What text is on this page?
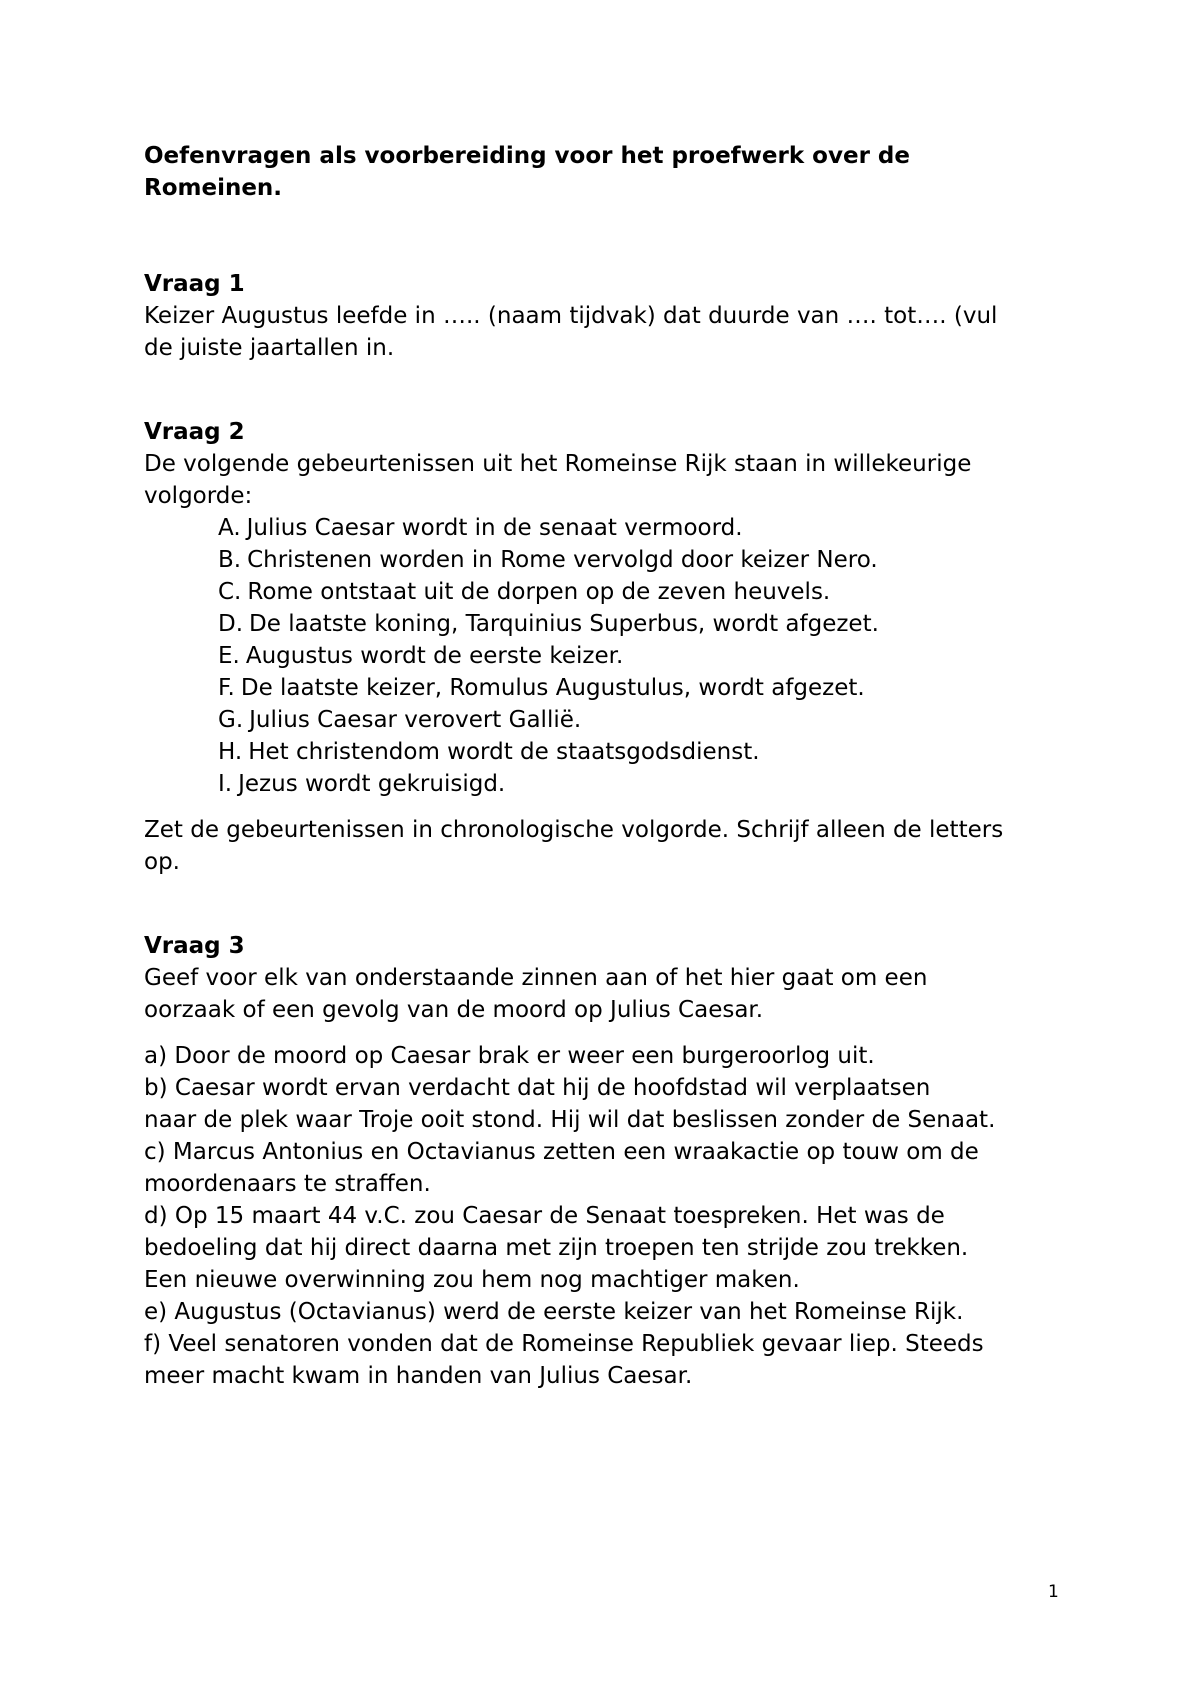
Oefenvragen als voorbereiding voor het proefwerk over de
Romeinen.
Vraag 1
Keizer Augustus leefde in ….. (naam tijdvak) dat duurde van …. tot…. (vul
de juiste jaartallen in.
Vraag 2
De volgende gebeurtenissen uit het Romeinse Rijk staan in willekeurige
volgorde:
A. Julius Caesar wordt in de senaat vermoord.
B. Christenen worden in Rome vervolgd door keizer Nero.
C. Rome ontstaat uit de dorpen op de zeven heuvels.
D. De laatste koning, Tarquinius Superbus, wordt afgezet.
E. Augustus wordt de eerste keizer.
F. De laatste keizer, Romulus Augustulus, wordt afgezet.
G. Julius Caesar verovert Gallië.
H. Het christendom wordt de staatsgodsdienst.
I. Jezus wordt gekruisigd.
Zet de gebeurtenissen in chronologische volgorde. Schrijf alleen de letters
op.
Vraag 3
Geef voor elk van onderstaande zinnen aan of het hier gaat om een
oorzaak of een gevolg van de moord op Julius Caesar.
a) Door de moord op Caesar brak er weer een burgeroorlog uit.
b) Caesar wordt ervan verdacht dat hij de hoofdstad wil verplaatsen
naar de plek waar Troje ooit stond. Hij wil dat beslissen zonder de Senaat.
c) Marcus Antonius en Octavianus zetten een wraakactie op touw om de
moordenaars te straffen.
d) Op 15 maart 44 v.C. zou Caesar de Senaat toespreken. Het was de
bedoeling dat hij direct daarna met zijn troepen ten strijde zou trekken.
Een nieuwe overwinning zou hem nog machtiger maken.
e) Augustus (Octavianus) werd de eerste keizer van het Romeinse Rijk.
f) Veel senatoren vonden dat de Romeinse Republiek gevaar liep. Steeds
meer macht kwam in handen van Julius Caesar.
1
